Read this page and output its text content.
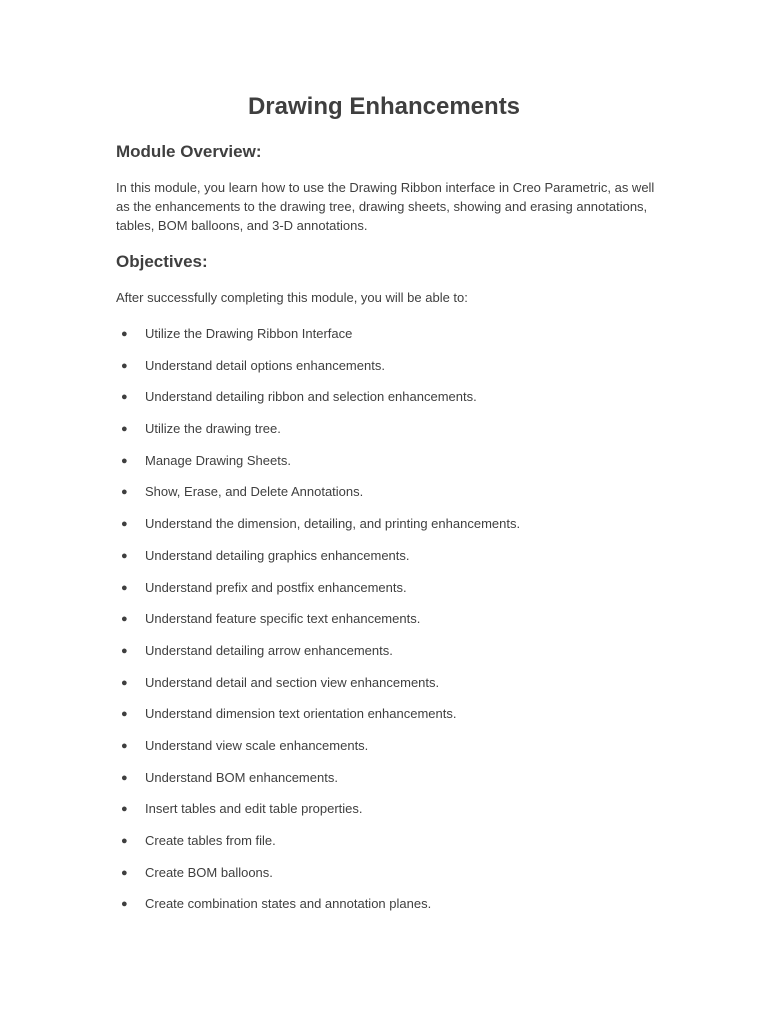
Drawing Enhancements
Module Overview:

In this module, you learn how to use the Drawing Ribbon interface in Creo Parametric, as well as the enhancements to the drawing tree, drawing sheets, showing and erasing annotations, tables, BOM balloons, and 3-D annotations.

Objectives:

After successfully completing this module, you will be able to:

● Utilize the Drawing Ribbon Interface
● Understand detail options enhancements.
● Understand detailing ribbon and selection enhancements.
● Utilize the drawing tree.
● Manage Drawing Sheets.
● Show, Erase, and Delete Annotations.
● Understand the dimension, detailing, and printing enhancements.
● Understand detailing graphics enhancements.
● Understand prefix and postfix enhancements.
● Understand feature specific text enhancements.
● Understand detailing arrow enhancements.
● Understand detail and section view enhancements.
● Understand dimension text orientation enhancements.
● Understand view scale enhancements.
● Understand BOM enhancements.
● Insert tables and edit table properties.
● Create tables from file.
● Create BOM balloons.
● Create combination states and annotation planes.
